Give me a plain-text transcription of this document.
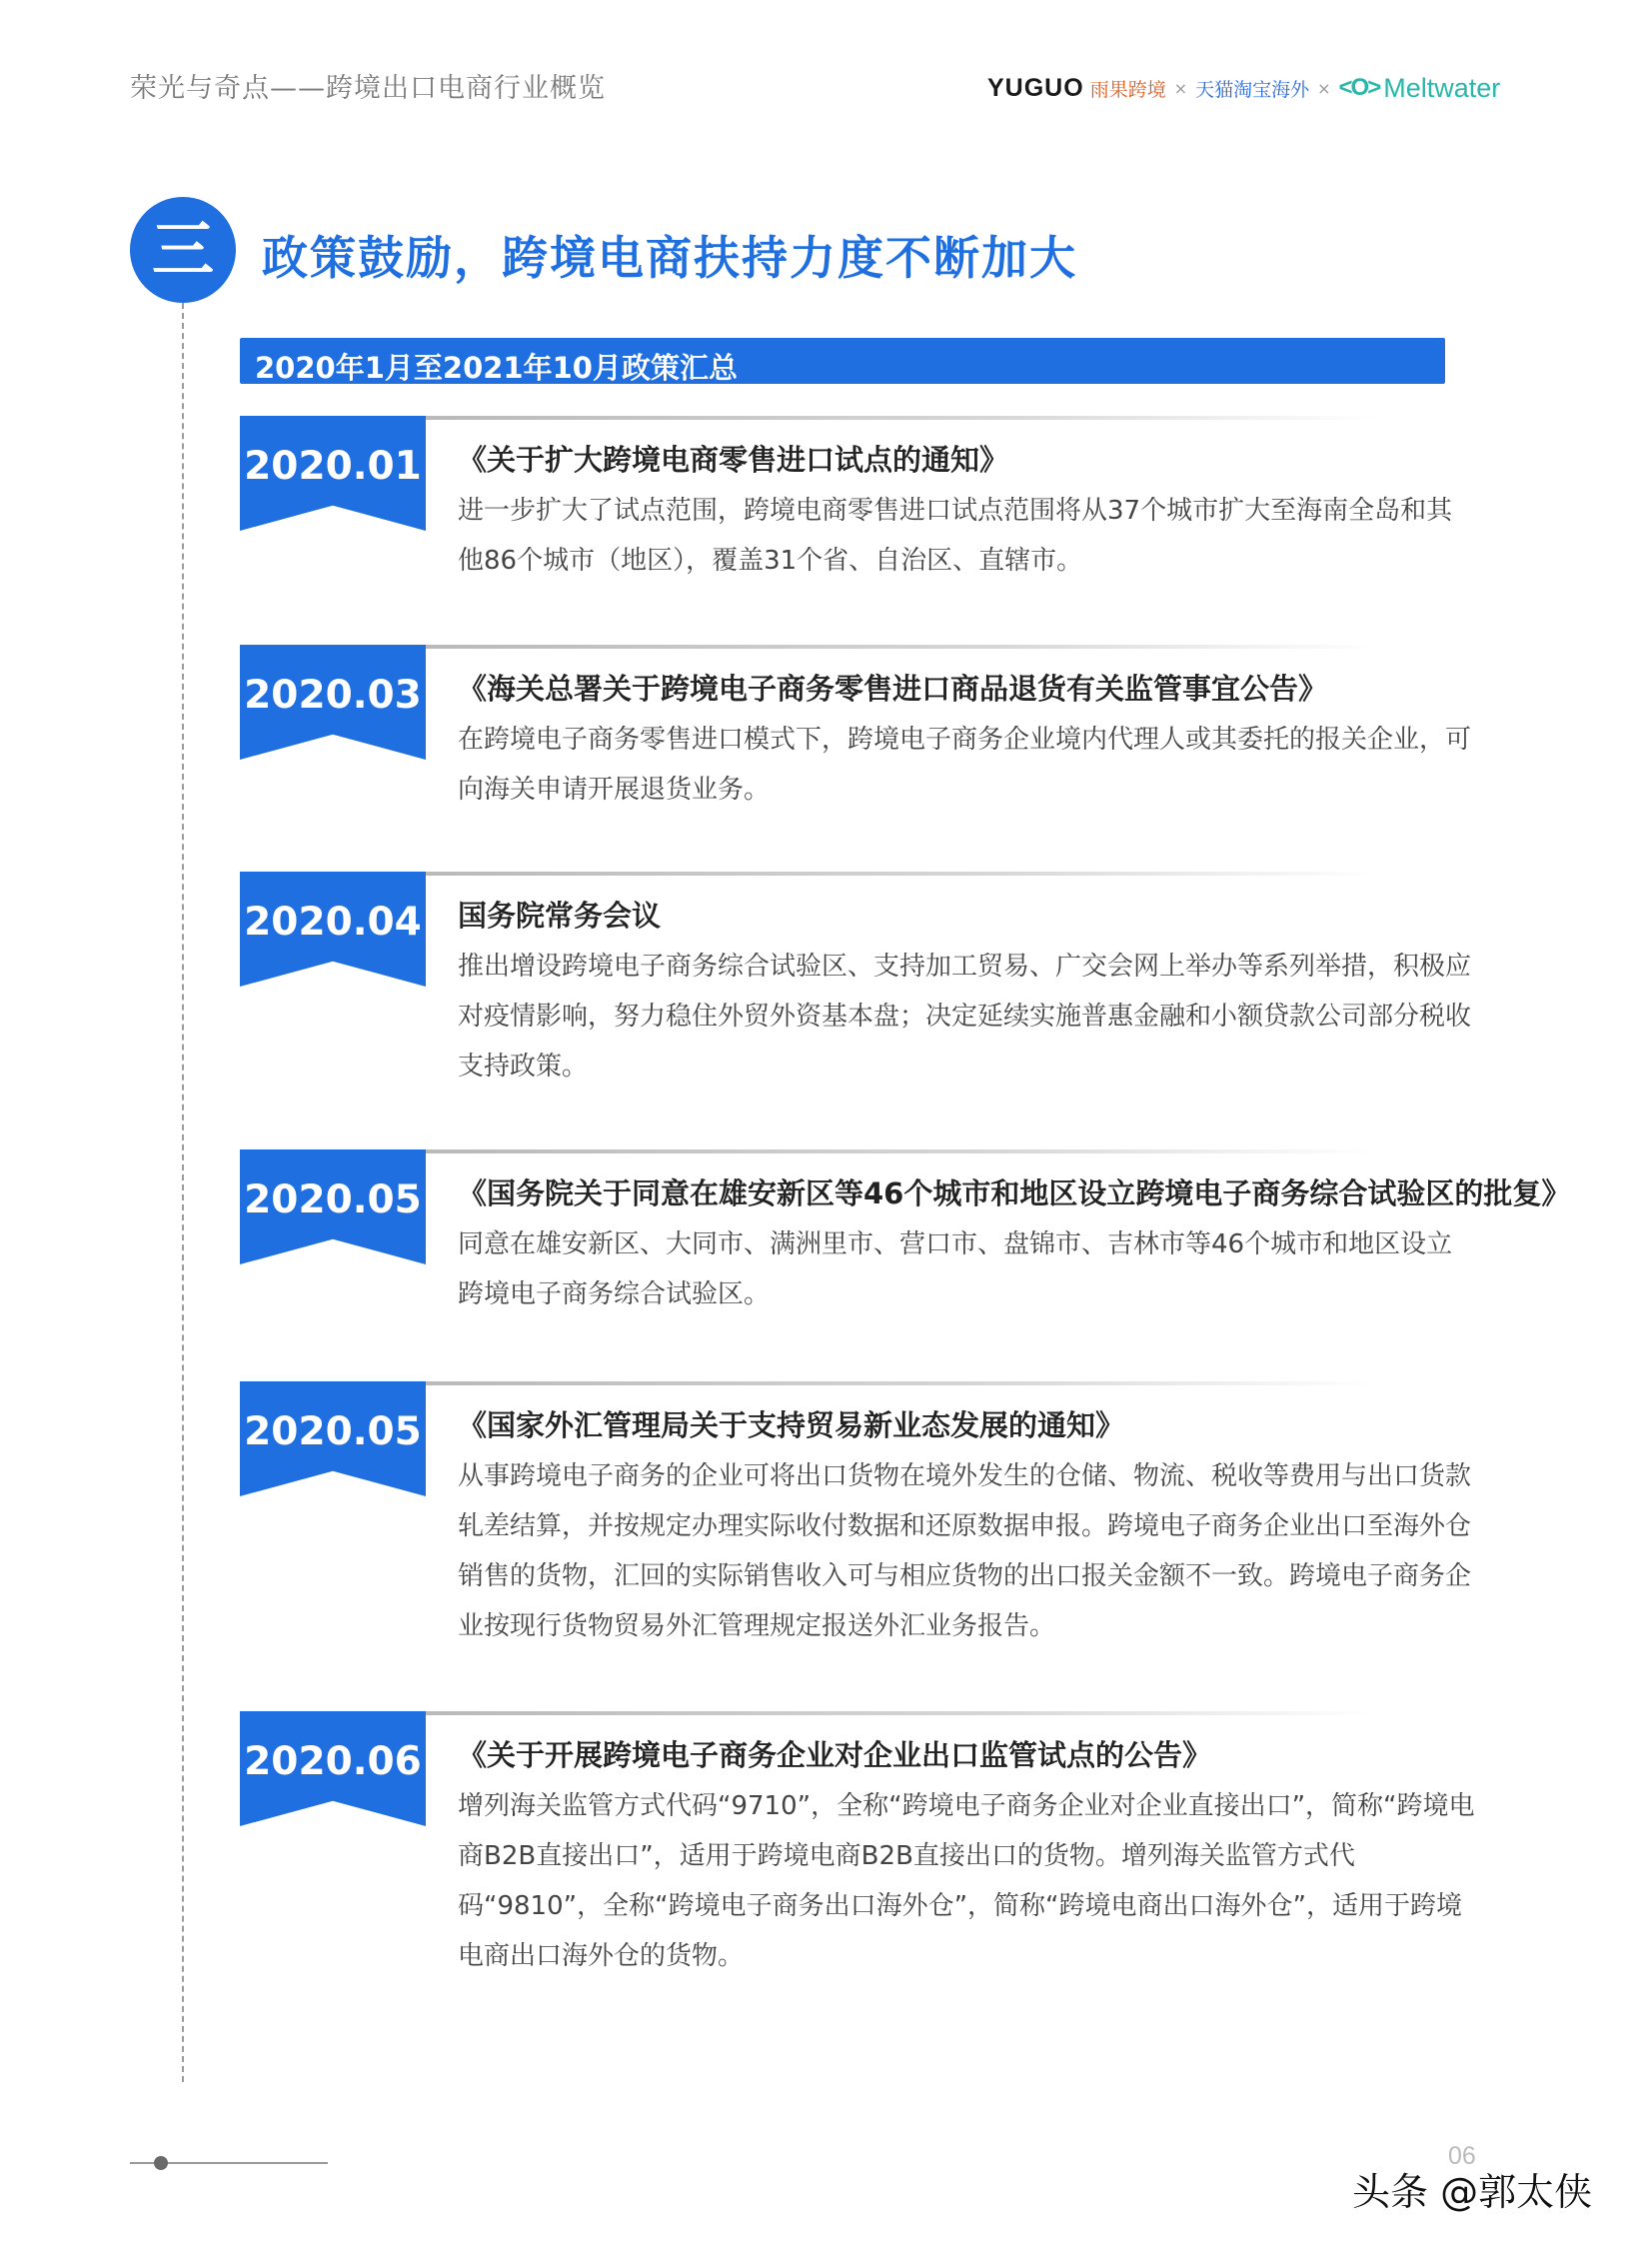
荣光与奇点——跨境出口电商行业概览	YUGUO 雨果跨境 × 天猫淘宝海外 × <O> Meltwater
三 政策鼓励，跨境电商扶持力度不断加大
2020年1月至2021年10月政策汇总
2020.01 《关于扩大跨境电商零售进口试点的通知》
进一步扩大了试点范围，跨境电商零售进口试点范围将从37个城市扩大至海南全岛和其他86个城市（地区），覆盖31个省、自治区、直辖市。
2020.03 《海关总署关于跨境电子商务零售进口商品退货有关监管事宜公告》
在跨境电子商务零售进口模式下，跨境电子商务企业境内代理人或其委托的报关企业，可向海关申请开展退货业务。
2020.04 国务院常务会议
推出增设跨境电子商务综合试验区、支持加工贸易、广交会网上举办等系列举措，积极应对疫情影响，努力稳住外贸外资基本盘；决定延续实施普惠金融和小额贷款公司部分税收支持政策。
2020.05 《国务院关于同意在雄安新区等46个城市和地区设立跨境电子商务综合试验区的批复》
同意在雄安新区、大同市、满洲里市、营口市、盘锦市、吉林市等46个城市和地区设立跨境电子商务综合试验区。
2020.05 《国家外汇管理局关于支持贸易新业态发展的通知》
从事跨境电子商务的企业可将出口货物在境外发生的仓储、物流、税收等费用与出口货款轧差结算，并按规定办理实际收付数据和还原数据申报。跨境电子商务企业出口至海外仓销售的货物，汇回的实际销售收入可与相应货物的出口报关金额不一致。跨境电子商务企业按现行货物贸易外汇管理规定报送外汇业务报告。
2020.06 《关于开展跨境电子商务企业对企业出口监管试点的公告》
增列海关监管方式代码“9710”，全称“跨境电子商务企业对企业直接出口”，简称“跨境电商B2B直接出口”，适用于跨境电商B2B直接出口的货物。增列海关监管方式代码“9810”，全称“跨境电子商务出口海外仓”，简称“跨境电商出口海外仓”，适用于跨境电商出口海外仓的货物。
06
头条 @郭太侠
